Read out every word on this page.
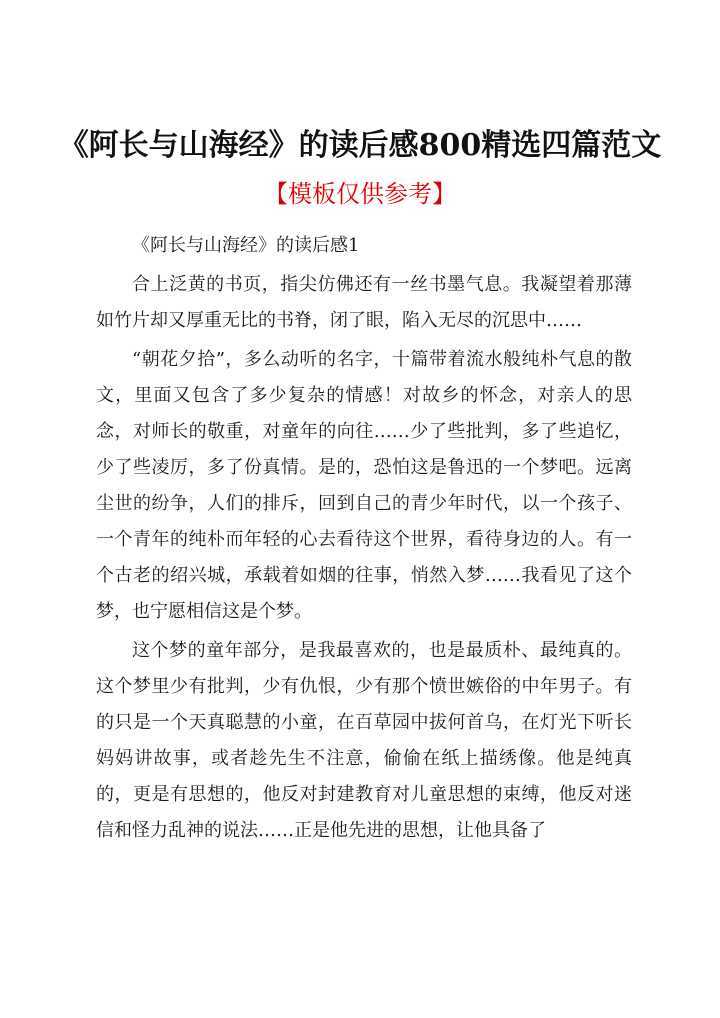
《阿长与山海经》的读后感800精选四篇范文
【模板仅供参考】

《阿长与山海经》的读后感1

合上泛黄的书页，指尖仿佛还有一丝书墨气息。我凝望着那薄如竹片却又厚重无比的书脊，闭了眼，陷入无尽的沉思中……

“朝花夕拾”，多么动听的名字，十篇带着流水般纯朴气息的散文，里面又包含了多少复杂的情感！对故乡的怀念，对亲人的思念，对师长的敬重，对童年的向往……少了些批判，多了些追忆，少了些凌厉，多了份真情。是的，恐怕这是鲁迅的一个梦吧。远离尘世的纷争，人们的排斥，回到自己的青少年时代，以一个孩子、一个青年的纯朴而年轻的心去看待这个世界，看待身边的人。有一个古老的绍兴城，承载着如烟的往事，悄然入梦……我看见了这个梦，也宁愿相信这是个梦。

这个梦的童年部分，是我最喜欢的，也是最质朴、最纯真的。这个梦里少有批判，少有仇恨，少有那个愤世嫉俗的中年男子。有的只是一个天真聪慧的小童，在百草园中拔何首乌，在灯光下听长妈妈讲故事，或者趁先生不注意，偷偷在纸上描绣像。他是纯真的，更是有思想的，他反对封建教育对儿童思想的束缚，他反对迷信和怪力乱神的说法……正是他先进的思想，让他具备了
